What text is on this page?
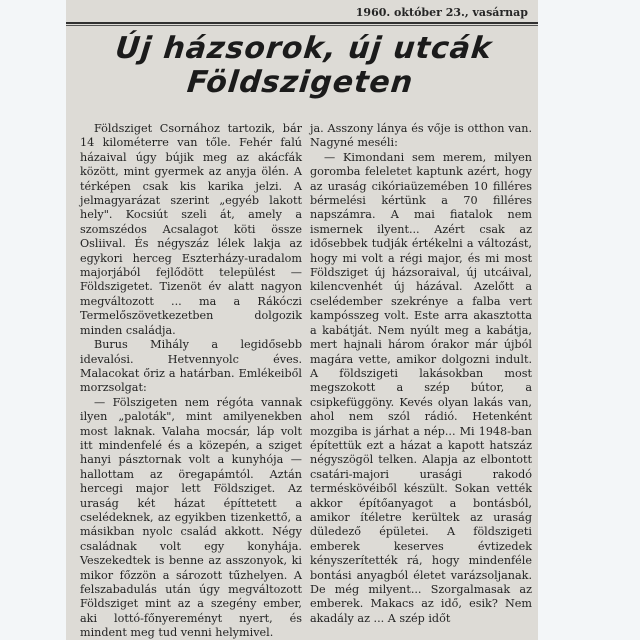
1960. október 23., vasárnap
Új házsorok, új utcák
Földszigeten

Földsziget Csornához tartozik, bár 14 kilométerre van tőle. Fehér falú házaival úgy bújik meg az akácfák között, mint gyermek az anyja ölén. A térképen csak kis karika jelzi. A jelmagyarázat szerint „egyéb lakott hely". Kocsiút szeli át, amely a szomszédos Acsalagot köti össze Osliival. És négyszáz lélek lakja az egykori herceg Eszterházy-uradalom majorjából fejlődött települést — Földszigetet. Tizenöt év alatt nagyon megváltozott ... ma a Rákóczi Termelőszövetkezetben dolgozik minden családja.

Burus Mihály a legidősebb idevalósi. Hetvennyolc éves. Malacokat őriz a határban. Emlékeiből morzsolgat:

— Fölszigeten nem régóta vannak ilyen „paloták", mint amilyenekben most laknak. Valaha mocsár, láp volt itt mindenfelé és a közepén, a sziget hanyi pásztornak volt a kunyhója — hallottam az öregapámtól. Aztán hercegi major lett Földsziget. Az uraság két házat építtetett a cselédeknek, az egyikben tizenkettő, a másikban nyolc család akkott. Négy családnak volt egy konyhája. Veszekedtek is benne az asszonyok, ki mikor főzzön a sározott tűzhelyen. A felszabadulás után úgy megváltozott Földsziget mint az a szegény ember, aki lottó-főnyereményt nyert, és mindent meg tud venni helymivel.

ja. Asszony lánya és vője is otthon van. Nagyné meséli:

— Kimondani sem merem, milyen goromba feleletet kaptunk azért, hogy az uraság cikóriaüzemében 10 filléres bérmelési kértünk a 70 filléres napszámra. A mai fiatalok nem ismernek ilyent... Azért csak az idősebbek tudják értékelni a változást, hogy mi volt a régi major, és mi most Földsziget új házsoraival, új utcáival, kilencvenhét új házával. Azelőtt a cselédember szekrénye a falba vert kampósszeg volt. Este arra akasztotta a kabátját. Nem nyúlt meg a kabátja, mert hajnali három órakor már újból magára vette, amikor dolgozni indult. A földszigeti lakásokban most megszokott a szép bútor, a csipkefüggöny. Kevés olyan lakás van, ahol nem szól rádió. Hetenként mozgiba is járhat a nép... Mi 1948-ban építettük ezt a házat a kapott hatszáz négyszögöl telken. Alapja az elbontott csatári-majori urasági rakodó terméskövéiből készült. Sokan vették akkor építőanyagot a bontásból, amikor ítéletre kerültek az uraság düledező épületei. A földszigeti emberek keserves évtizedek kényszerítették rá, hogy mindenféle bontási anyagból életet varázsoljanak. De még milyent... Szorgalmasak az emberek. Makacs az idő, esik? Nem akadály az ... A szép időt
